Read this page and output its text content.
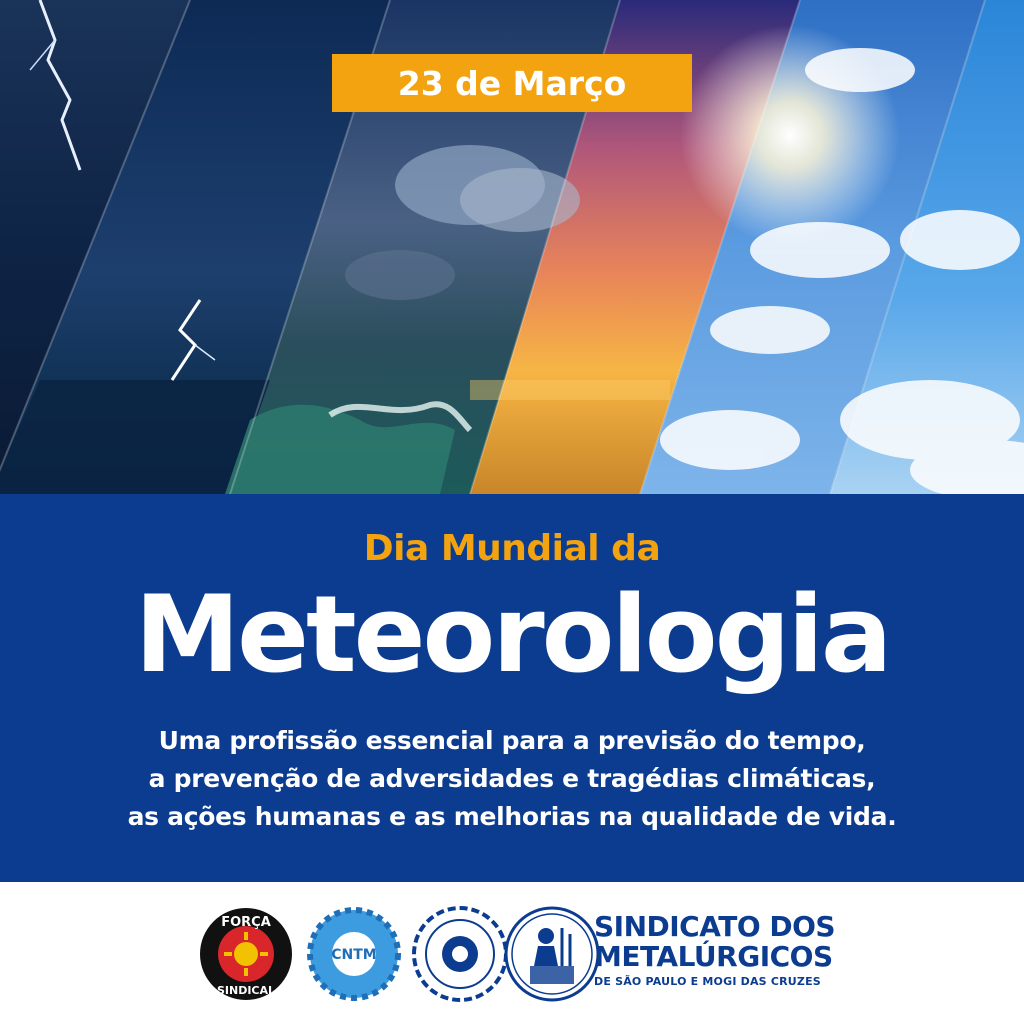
23 de Março
Dia Mundial da
Meteorologia
Uma profissão essencial para a previsão do tempo,
a prevenção de adversidades e tragédias climáticas,
as ações humanas e as melhorias na qualidade de vida.
FORÇA
SINDICAL
CNTM
SINDICATO DOS
METALÚRGICOS
DE SÃO PAULO E MOGI DAS CRUZES
